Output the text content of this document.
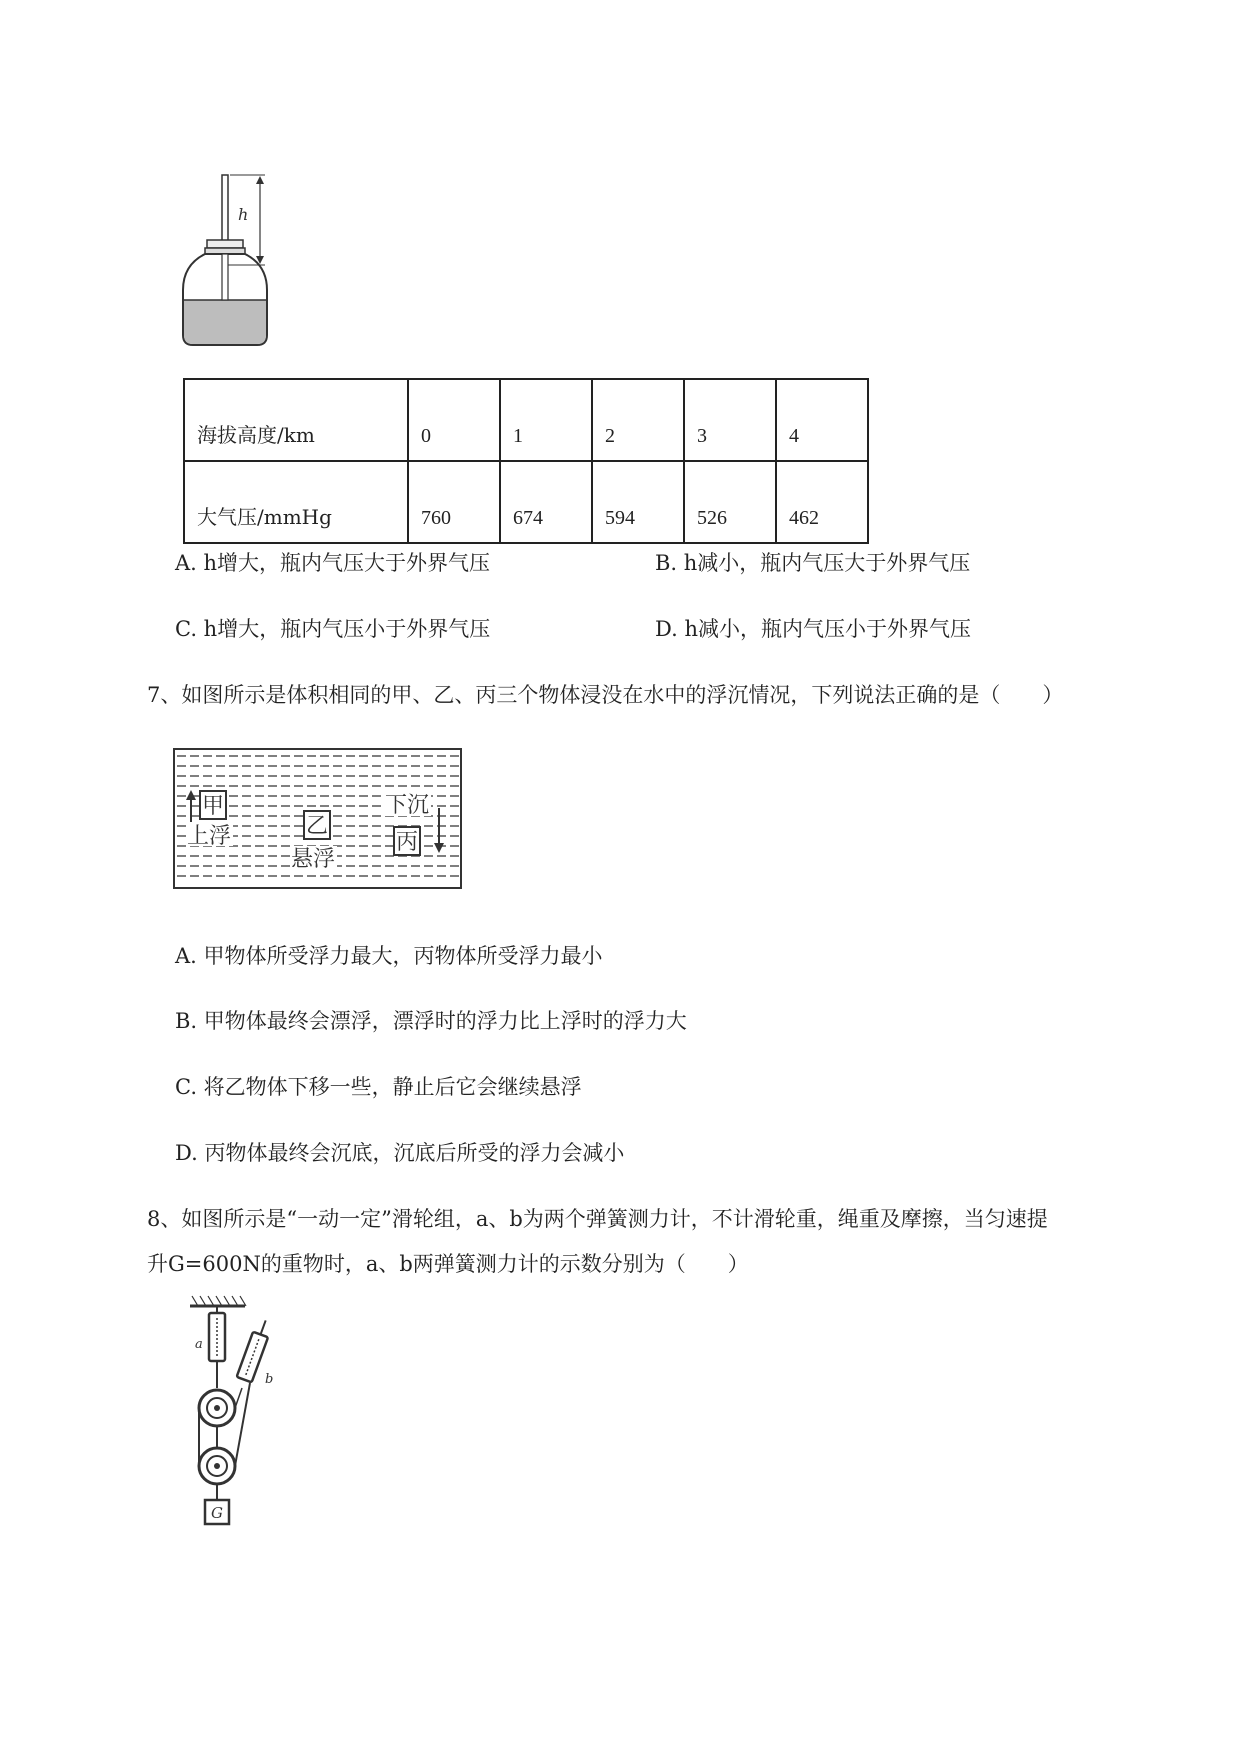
h
海拔高度/km	0	1	2	3	4
大气压/mmHg	760	674	594	526	462
A. h增大，瓶内气压大于外界气压	B. h减小，瓶内气压大于外界气压
C. h增大，瓶内气压小于外界气压	D. h减小，瓶内气压小于外界气压
7、如图所示是体积相同的甲、乙、丙三个物体浸没在水中的浮沉情况，下列说法正确的是（　　）
甲
上浮	乙
悬浮
下沉
丙
A. 甲物体所受浮力最大，丙物体所受浮力最小
B. 甲物体最终会漂浮，漂浮时的浮力比上浮时的浮力大
C. 将乙物体下移一些，静止后它会继续悬浮
D. 丙物体最终会沉底，沉底后所受的浮力会减小
8、如图所示是“一动一定”滑轮组，a、b为两个弹簧测力计，不计滑轮重，绳重及摩擦，当匀速提
升G=600N的重物时，a、b两弹簧测力计的示数分别为（　　）
a
b
G
